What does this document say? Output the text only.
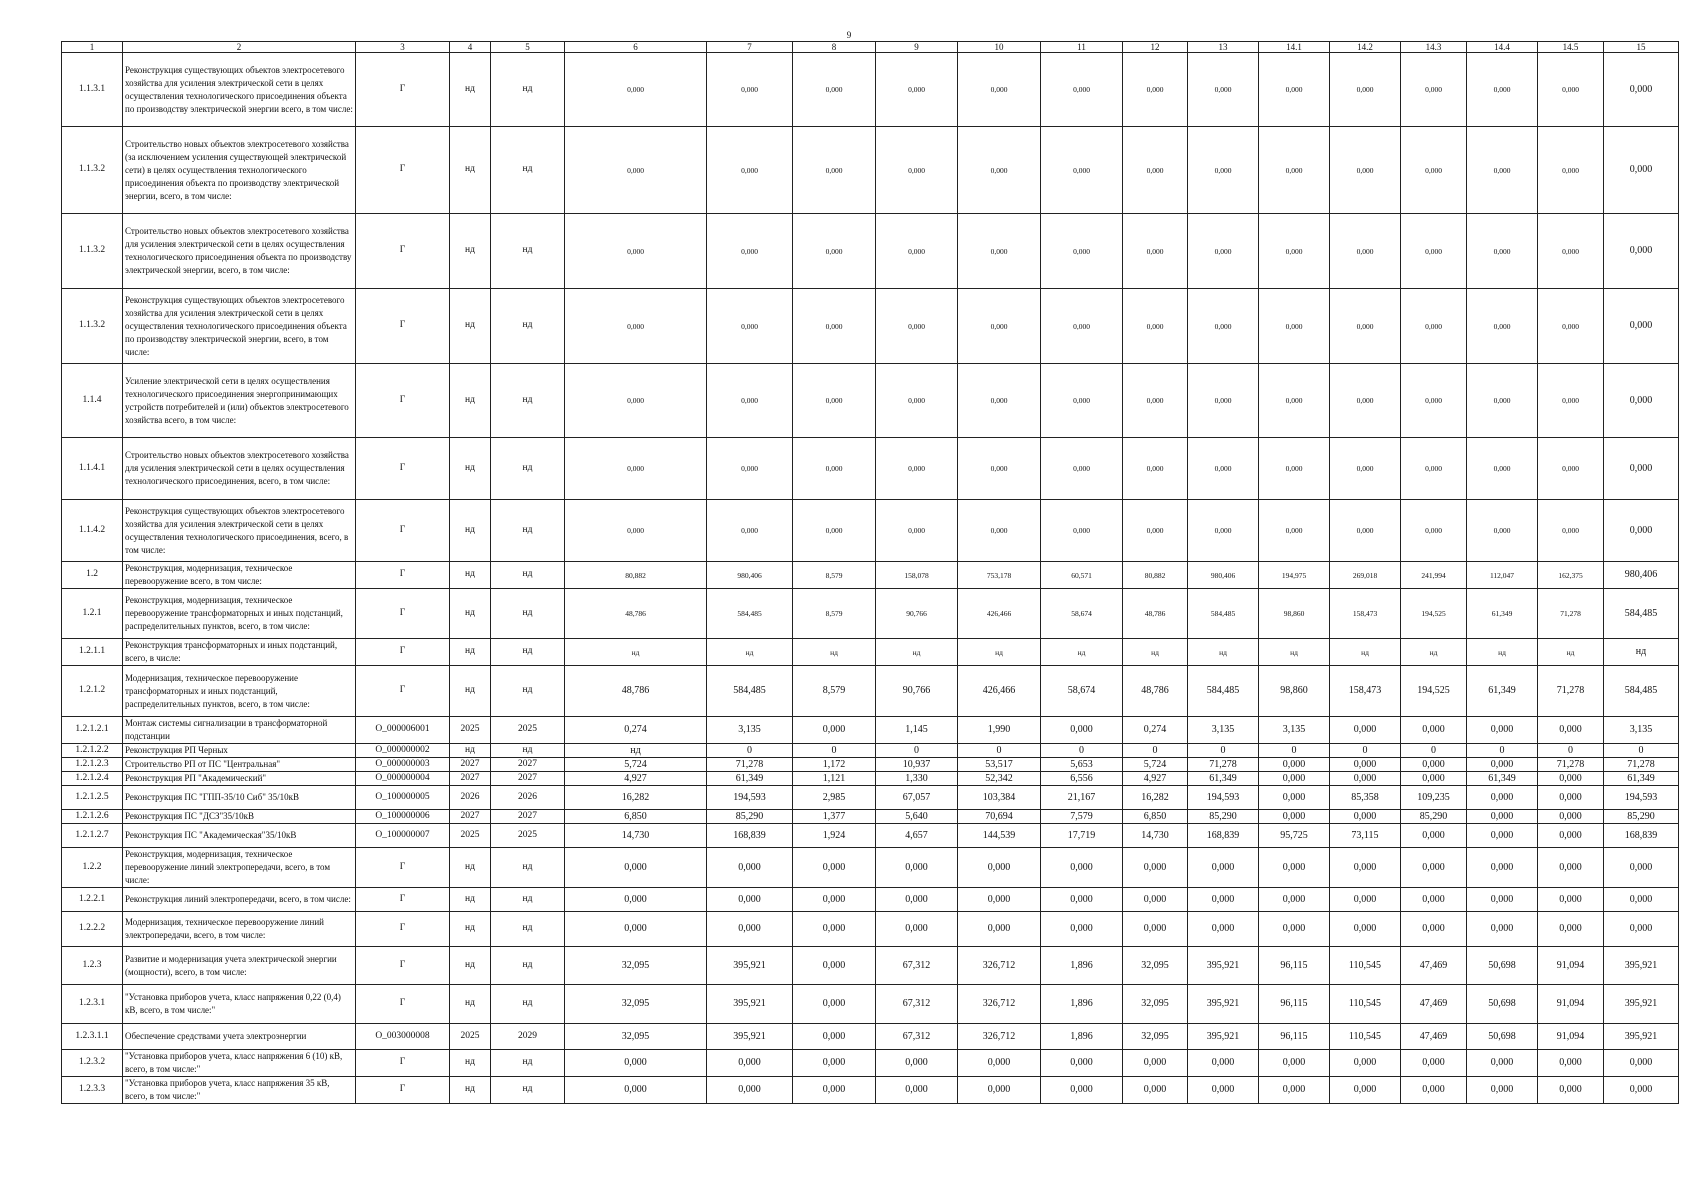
9
1	2	3	4	5	6	7	8	9	10	11	12	13	14.1	14.2	14.3	14.4	14.5	15
1.1.3.1	Реконструкция существующих объектов электросетевого хозяйства для усиления электрической сети в целях осуществления технологического присоединения объекта по производству электрической энергии всего, в том числе:	Г	нд	нд	0,000	0,000	0,000	0,000	0,000	0,000	0,000	0,000	0,000	0,000	0,000	0,000	0,000	0,000
1.1.3.2	Строительство новых объектов электросетевого хозяйства (за исключением усиления существующей электрической сети) в целях осуществления технологического присоединения объекта по производству электрической энергии, всего, в том числе:	Г	нд	нд	0,000	0,000	0,000	0,000	0,000	0,000	0,000	0,000	0,000	0,000	0,000	0,000	0,000	0,000
1.1.3.2	Строительство новых объектов электросетевого хозяйства для усиления электрической сети в целях осуществления технологического присоединения объекта по производству электрической энергии, всего, в том числе:	Г	нд	нд	0,000	0,000	0,000	0,000	0,000	0,000	0,000	0,000	0,000	0,000	0,000	0,000	0,000	0,000
1.1.3.2	Реконструкция существующих объектов электросетевого хозяйства для усиления электрической сети в целях осуществления технологического присоединения объекта по производству электрической энергии, всего, в том числе:	Г	нд	нд	0,000	0,000	0,000	0,000	0,000	0,000	0,000	0,000	0,000	0,000	0,000	0,000	0,000	0,000
1.1.4	Усиление электрической сети в целях осуществления технологического присоединения энергопринимающих устройств потребителей и (или) объектов электросетевого хозяйства всего, в том числе:	Г	нд	нд	0,000	0,000	0,000	0,000	0,000	0,000	0,000	0,000	0,000	0,000	0,000	0,000	0,000	0,000
1.1.4.1	Строительство новых объектов электросетевого хозяйства для усиления электрической сети в целях осуществления технологического присоединения, всего, в том числе:	Г	нд	нд	0,000	0,000	0,000	0,000	0,000	0,000	0,000	0,000	0,000	0,000	0,000	0,000	0,000	0,000
1.1.4.2	Реконструкция существующих объектов электросетевого хозяйства для усиления электрической сети в целях осуществления технологического присоединения, всего, в том числе:	Г	нд	нд	0,000	0,000	0,000	0,000	0,000	0,000	0,000	0,000	0,000	0,000	0,000	0,000	0,000	0,000
1.2	Реконструкция, модернизация, техническое перевооружение всего, в том числе:	Г	нд	нд	80,882	980,406	8,579	158,078	753,178	60,571	80,882	980,406	194,975	269,018	241,994	112,047	162,375	980,406
1.2.1	Реконструкция, модернизация, техническое перевооружение трансформаторных и иных подстанций, распределительных пунктов, всего, в том числе:	Г	нд	нд	48,786	584,485	8,579	90,766	426,466	58,674	48,786	584,485	98,860	158,473	194,525	61,349	71,278	584,485
1.2.1.1	Реконструкция трансформаторных и иных подстанций, всего, в числе:	Г	нд	нд	нд	нд	нд	нд	нд	нд	нд	нд	нд	нд	нд	нд	нд	нд
1.2.1.2	Модернизация, техническое перевооружение трансформаторных и иных подстанций, распределительных пунктов, всего, в том числе:	Г	нд	нд	48,786	584,485	8,579	90,766	426,466	58,674	48,786	584,485	98,860	158,473	194,525	61,349	71,278	584,485
1.2.1.2.1	Монтаж системы сигнализации в трансформаторной подстанции	О_000006001	2025	2025	0,274	3,135	0,000	1,145	1,990	0,000	0,274	3,135	3,135	0,000	0,000	0,000	0,000	3,135
1.2.1.2.2	Реконструкция РП Черных	О_000000002	нд	нд	нд	0	0	0	0	0	0	0	0	0	0	0	0	0
1.2.1.2.3	Строительство РП от ПС "Центральная"	О_000000003	2027	2027	5,724	71,278	1,172	10,937	53,517	5,653	5,724	71,278	0,000	0,000	0,000	0,000	71,278	71,278
1.2.1.2.4	Реконструкция РП "Академический"	О_000000004	2027	2027	4,927	61,349	1,121	1,330	52,342	6,556	4,927	61,349	0,000	0,000	0,000	61,349	0,000	61,349
1.2.1.2.5	Реконструкция ПС "ГПП-35/10 Сиб" 35/10кВ	О_100000005	2026	2026	16,282	194,593	2,985	67,057	103,384	21,167	16,282	194,593	0,000	85,358	109,235	0,000	0,000	194,593
1.2.1.2.6	Реконструкция ПС "ДСЗ"35/10кВ	О_100000006	2027	2027	6,850	85,290	1,377	5,640	70,694	7,579	6,850	85,290	0,000	0,000	85,290	0,000	0,000	85,290
1.2.1.2.7	Реконструкция ПС "Академическая"35/10кВ	О_100000007	2025	2025	14,730	168,839	1,924	4,657	144,539	17,719	14,730	168,839	95,725	73,115	0,000	0,000	0,000	168,839
1.2.2	Реконструкция, модернизация, техническое перевооружение линий электропередачи, всего, в том числе:	Г	нд	нд	0,000	0,000	0,000	0,000	0,000	0,000	0,000	0,000	0,000	0,000	0,000	0,000	0,000	0,000
1.2.2.1	Реконструкция линий электропередачи, всего, в том числе:	Г	нд	нд	0,000	0,000	0,000	0,000	0,000	0,000	0,000	0,000	0,000	0,000	0,000	0,000	0,000	0,000
1.2.2.2	Модернизация, техническое перевооружение линий электропередачи, всего, в том числе:	Г	нд	нд	0,000	0,000	0,000	0,000	0,000	0,000	0,000	0,000	0,000	0,000	0,000	0,000	0,000	0,000
1.2.3	Развитие и модернизация учета электрической энергии (мощности), всего, в том числе:	Г	нд	нд	32,095	395,921	0,000	67,312	326,712	1,896	32,095	395,921	96,115	110,545	47,469	50,698	91,094	395,921
1.2.3.1	"Установка приборов учета, класс напряжения 0,22 (0,4) кВ, всего, в том числе:"	Г	нд	нд	32,095	395,921	0,000	67,312	326,712	1,896	32,095	395,921	96,115	110,545	47,469	50,698	91,094	395,921
1.2.3.1.1	Обеспечение средствами учета электроэнергии	О_003000008	2025	2029	32,095	395,921	0,000	67,312	326,712	1,896	32,095	395,921	96,115	110,545	47,469	50,698	91,094	395,921
1.2.3.2	"Установка приборов учета, класс напряжения 6 (10) кВ, всего, в том числе:"	Г	нд	нд	0,000	0,000	0,000	0,000	0,000	0,000	0,000	0,000	0,000	0,000	0,000	0,000	0,000	0,000
1.2.3.3	"Установка приборов учета, класс напряжения 35 кВ, всего, в том числе:"	Г	нд	нд	0,000	0,000	0,000	0,000	0,000	0,000	0,000	0,000	0,000	0,000	0,000	0,000	0,000	0,000
